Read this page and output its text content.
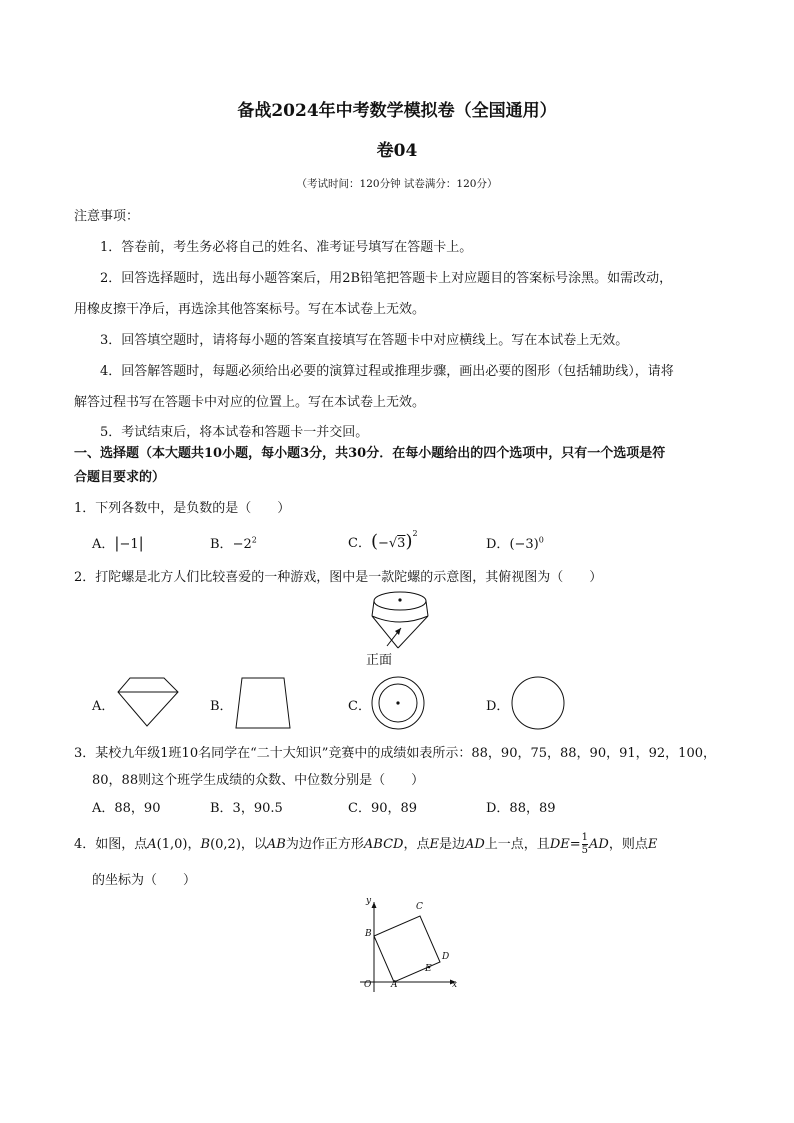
备战2024年中考数学模拟卷（全国通用）
卷04
（考试时间：120分钟 试卷满分：120分）
注意事项：
1．答卷前，考生务必将自己的姓名、准考证号填写在答题卡上。
2．回答选择题时，选出每小题答案后，用2B铅笔把答题卡上对应题目的答案标号涂黑。如需改动，
用橡皮擦干净后，再选涂其他答案标号。写在本试卷上无效。
3．回答填空题时，请将每小题的答案直接填写在答题卡中对应横线上。写在本试卷上无效。
4．回答解答题时，每题必须给出必要的演算过程或推理步骤，画出必要的图形（包括辅助线），请将
解答过程书写在答题卡中对应的位置上。写在本试卷上无效。
5．考试结束后，将本试卷和答题卡一并交回。
一、选择题（本大题共10小题，每小题3分，共30分．在每小题给出的四个选项中，只有一个选项是符
合题目要求的）
1．下列各数中，是负数的是（　　）
A．|−1|	B．$-2^2$	C．$(-√3)^2$
D．$(-3)^0$
2．打陀螺是北方人们比较喜爱的一种游戏，图中是一款陀螺的示意图，其俯视图为（　　）
正面
A．	B．	C．	D．
3．某校九年级1班10名同学在“二十大知识”竞赛中的成绩如表所示：88，90，75，88，90，91，92，100，
80，88则这个班学生成绩的众数、中位数分别是（　　）
A．88，90	B．3，90.5	C．90，89	D．88，89
4．如图，点A(1,0)，B(0,2)，以AB为边作正方形ABCD，点E是边AD上一点，且$DE= \frac{1}{5}$ AD，则点E
的坐标为（　　）
y
x
O A
B
C
D
E
